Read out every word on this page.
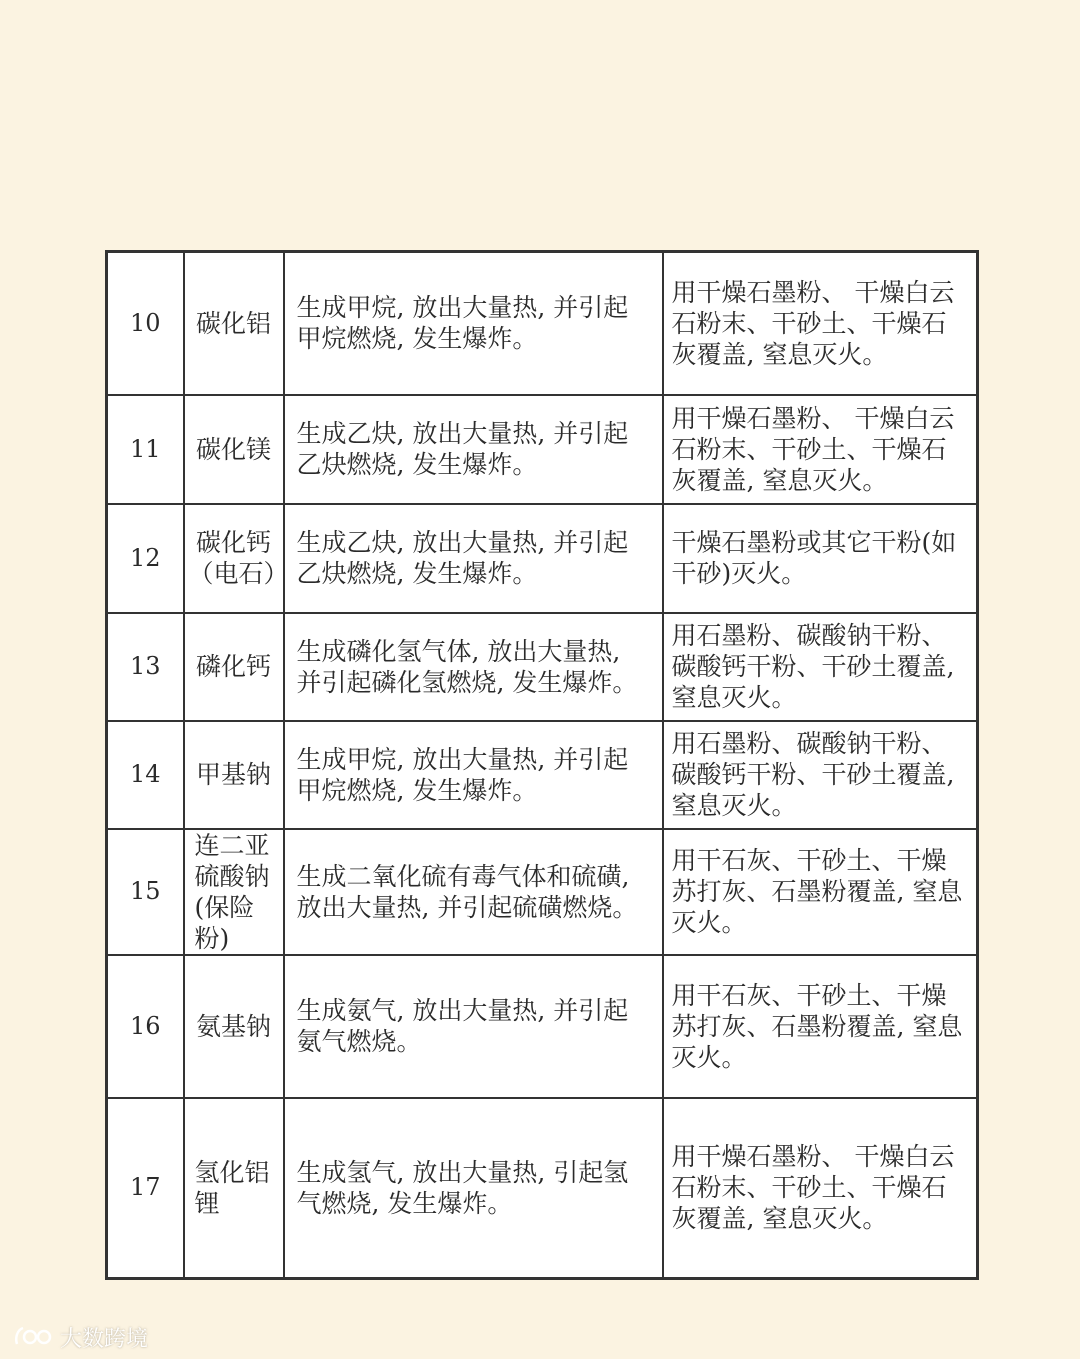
10	碳化铝	生成甲烷, 放出大量热, 并引起甲烷燃烧, 发生爆炸。	用干燥石墨粉、 干燥白云石粉末、干砂土、干燥石灰覆盖, 窒息灭火。
11	碳化镁	生成乙炔, 放出大量热, 并引起乙炔燃烧, 发生爆炸。	用干燥石墨粉、 干燥白云石粉末、干砂土、干燥石灰覆盖, 窒息灭火。
12	碳化钙（电石）	生成乙炔, 放出大量热, 并引起乙炔燃烧, 发生爆炸。	干燥石墨粉或其它干粉(如干砂)灭火。
13	磷化钙	生成磷化氢气体, 放出大量热, 并引起磷化氢燃烧, 发生爆炸。	用石墨粉、碳酸钠干粉、碳酸钙干粉、干砂土覆盖, 窒息灭火。
14	甲基钠	生成甲烷, 放出大量热, 并引起甲烷燃烧, 发生爆炸。	用石墨粉、碳酸钠干粉、碳酸钙干粉、干砂土覆盖, 窒息灭火。
15	连二亚硫酸钠(保险粉)	生成二氧化硫有毒气体和硫磺, 放出大量热, 并引起硫磺燃烧。	用干石灰、干砂土、干燥苏打灰、石墨粉覆盖, 窒息灭火。
16	氨基钠	生成氨气, 放出大量热, 并引起氨气燃烧。	用干石灰、干砂土、干燥苏打灰、石墨粉覆盖, 窒息灭火。
17	氢化铝锂	生成氢气, 放出大量热, 引起氢气燃烧, 发生爆炸。	用干燥石墨粉、 干燥白云石粉末、干砂土、干燥石灰覆盖, 窒息灭火。
大数跨境
